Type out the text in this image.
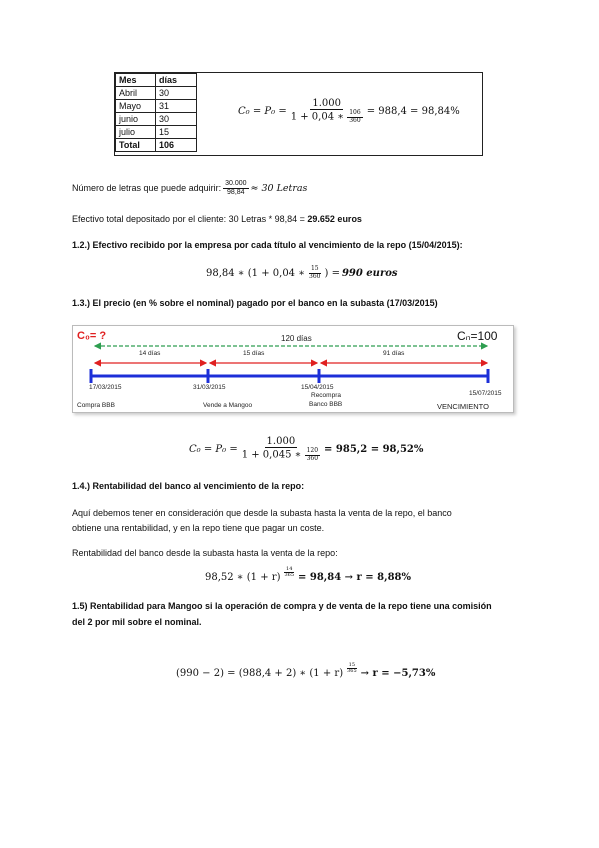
Mes	días
Abril	30
Mayo	31
junio	30
julio	15
Total	106
$C_0 = P_0 = \frac{1.000}{1 + 0,04 ∗ \frac{106}{360}} = 988,4 = 98,84\%$
Número de letras que puede adquirir: $\frac{30.000}{98,84} \approx 30$ Letras
Efectivo total depositado por el cliente: 30 Letras * 98,84 = 29.652 euros
1.2.) Efectivo recibido por la empresa por cada título al vencimiento de la repo (15/04/2015):
98,84 ∗ (1 + 0,04 ∗ $\frac{15}{360}$ ) = 990 euros
1.3.) El precio (en % sobre el nominal) pagado por el banco en la subasta (17/03/2015)
C₀= ?	Cₙ=100
120 días
14 días	15 días	91 días
17/03/2015	31/03/2015	15/04/2015
15/07/2015
Compra BBB	Vende a Mangoo
Recompra
Banco BBB	VENCIMIENTO
$C_0 = P_0 = \frac{1.000}{1 + 0,045 ∗ \frac{120}{360}} = 985,2 = 98,52\%$
1.4.) Rentabilidad del banco al vencimiento de la repo:
Aquí debemos tener en consideración que desde la subasta hasta la venta de la repo, el banco
obtiene una rentabilidad, y en la repo tiene que pagar un coste.
Rentabilidad del banco desde la subasta hasta la venta de la repo:
98,52 ∗ $(1 + r) \frac{14}{365} = 98,84 \to r = 8,88\%$
1.5) Rentabilidad para Mangoo si la operación de compra y de venta de la repo tiene una comisión
del 2 por mil sobre el nominal.
(990 − 2) = (988,4 + 2) ∗ $(1 + r) \frac{15}{365} \to r = -5,73\%$
